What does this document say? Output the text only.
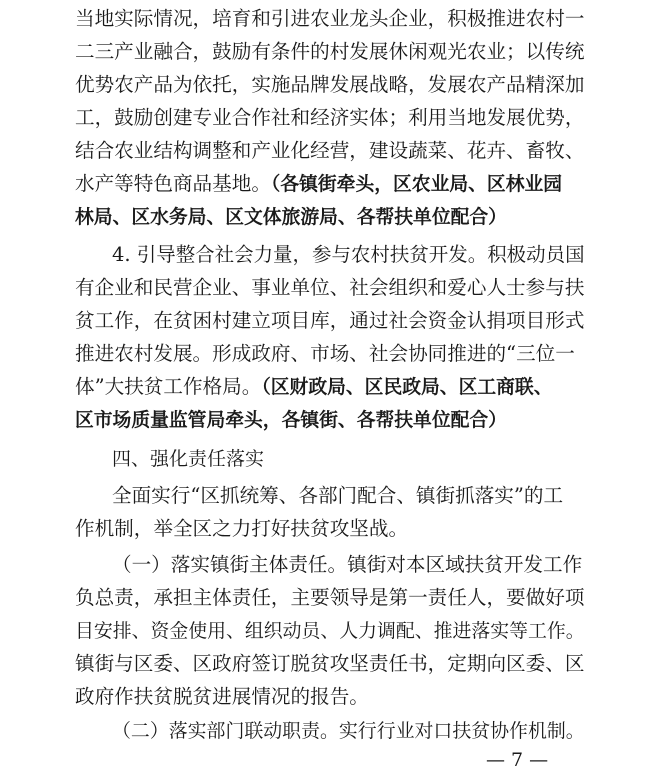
当地实际情况，培育和引进农业龙头企业，积极推进农村一
二三产业融合，鼓励有条件的村发展休闲观光农业；以传统
优势农产品为依托，实施品牌发展战略，发展农产品精深加
工，鼓励创建专业合作社和经济实体；利用当地发展优势，
结合农业结构调整和产业化经营，建设蔬菜、花卉、畜牧、
水产等特色商品基地。（各镇街牵头，区农业局、区林业园
林局、区水务局、区文体旅游局、各帮扶单位配合）
4. 引导整合社会力量，参与农村扶贫开发。积极动员国
有企业和民营企业、事业单位、社会组织和爱心人士参与扶
贫工作，在贫困村建立项目库，通过社会资金认捐项目形式
推进农村发展。形成政府、市场、社会协同推进的“三位一
体”大扶贫工作格局。（区财政局、区民政局、区工商联、
区市场质量监管局牵头，各镇街、各帮扶单位配合）
四、强化责任落实
全面实行“区抓统筹、各部门配合、镇街抓落实”的工
作机制，举全区之力打好扶贫攻坚战。
（一）落实镇街主体责任。镇街对本区域扶贫开发工作
负总责，承担主体责任，主要领导是第一责任人，要做好项
目安排、资金使用、组织动员、人力调配、推进落实等工作。
镇街与区委、区政府签订脱贫攻坚责任书，定期向区委、区
政府作扶贫脱贫进展情况的报告。
（二）落实部门联动职责。实行行业对口扶贫协作机制。
— 7 —
